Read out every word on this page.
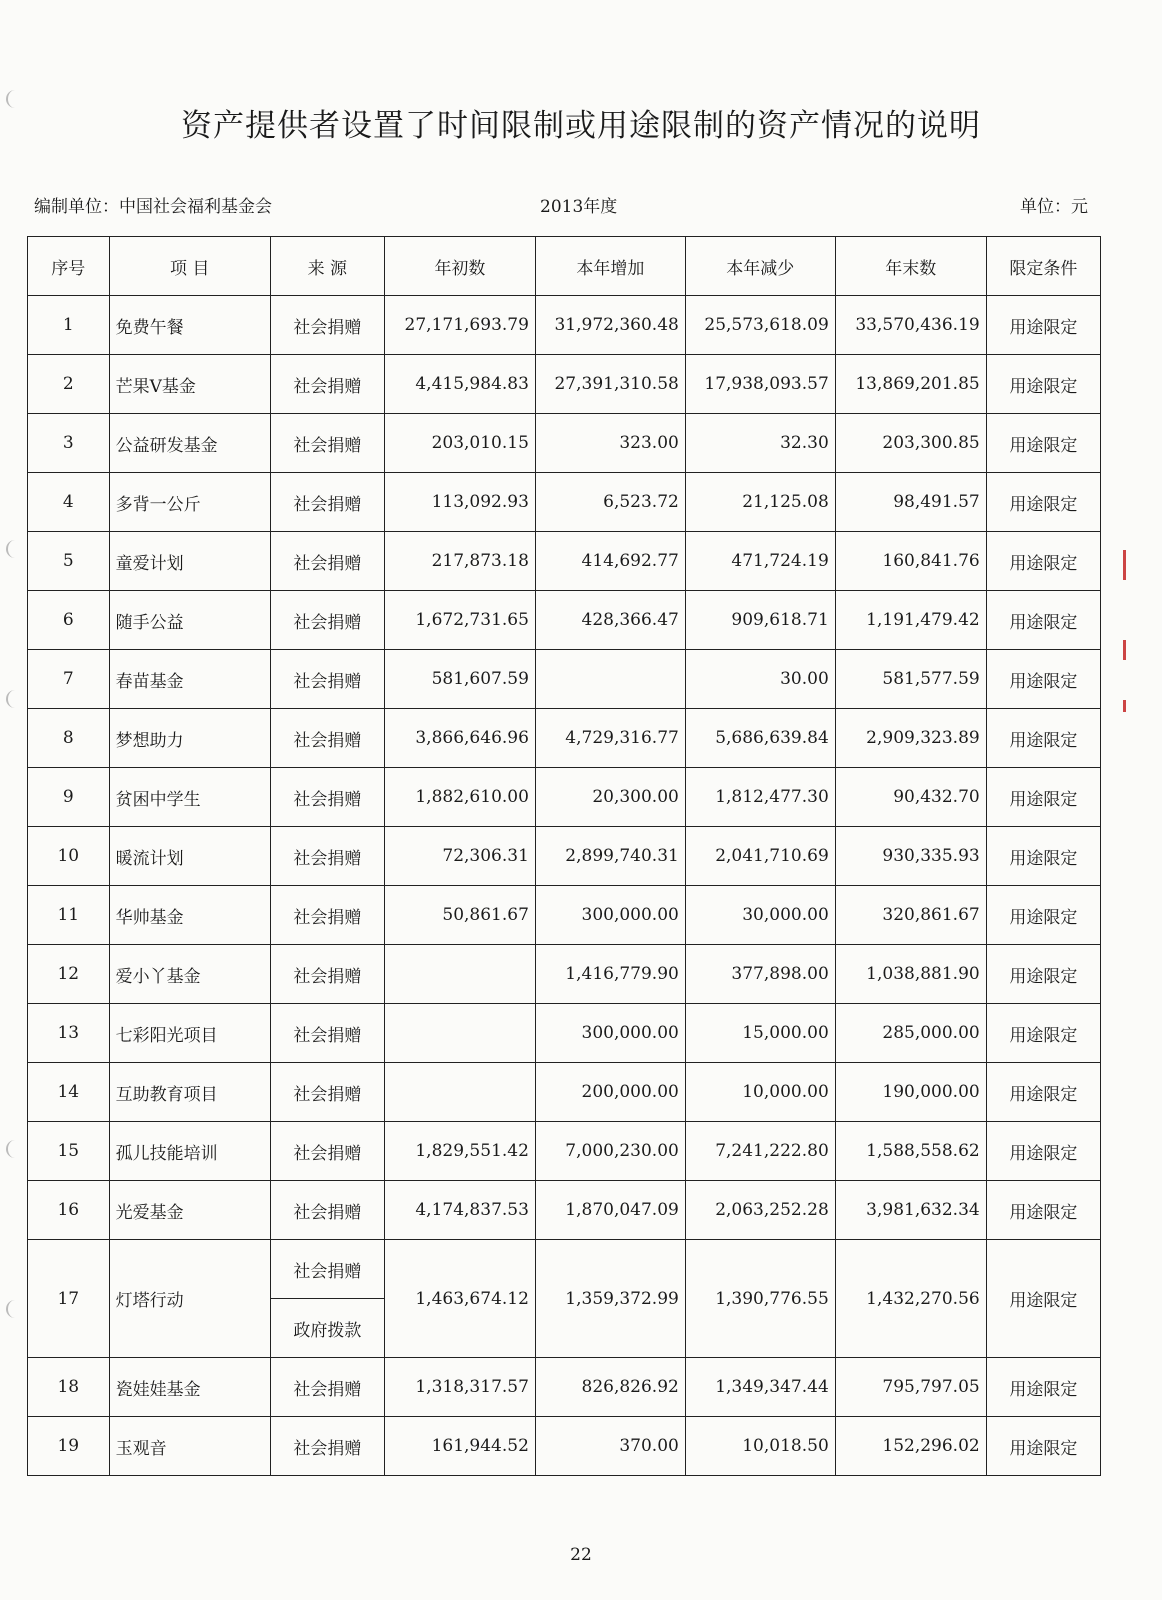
资产提供者设置了时间限制或用途限制的资产情况的说明
编制单位：中国社会福利基金会	2013年度	单位：元
序号	项 目	来 源	年初数	本年增加	本年减少	年末数	限定条件
1	免费午餐	社会捐赠	27,171,693.79	31,972,360.48	25,573,618.09	33,570,436.19	用途限定
2	芒果V基金	社会捐赠	4,415,984.83	27,391,310.58	17,938,093.57	13,869,201.85	用途限定
3	公益研发基金	社会捐赠	203,010.15	323.00	32.30	203,300.85	用途限定
4	多背一公斤	社会捐赠	113,092.93	6,523.72	21,125.08	98,491.57	用途限定
5	童爱计划	社会捐赠	217,873.18	414,692.77	471,724.19	160,841.76	用途限定
6	随手公益	社会捐赠	1,672,731.65	428,366.47	909,618.71	1,191,479.42	用途限定
7	春苗基金	社会捐赠	581,607.59		30.00	581,577.59	用途限定
8	梦想助力	社会捐赠	3,866,646.96	4,729,316.77	5,686,639.84	2,909,323.89	用途限定
9	贫困中学生	社会捐赠	1,882,610.00	20,300.00	1,812,477.30	90,432.70	用途限定
10	暖流计划	社会捐赠	72,306.31	2,899,740.31	2,041,710.69	930,335.93	用途限定
11	华帅基金	社会捐赠	50,861.67	300,000.00	30,000.00	320,861.67	用途限定
12	爱小丫基金	社会捐赠		1,416,779.90	377,898.00	1,038,881.90	用途限定
13	七彩阳光项目	社会捐赠		300,000.00	15,000.00	285,000.00	用途限定
14	互助教育项目	社会捐赠		200,000.00	10,000.00	190,000.00	用途限定
15	孤儿技能培训	社会捐赠	1,829,551.42	7,000,230.00	7,241,222.80	1,588,558.62	用途限定
16	光爱基金	社会捐赠	4,174,837.53	1,870,047.09	2,063,252.28	3,981,632.34	用途限定
17	灯塔行动	社会捐赠	1,463,674.12	1,359,372.99	1,390,776.55	1,432,270.56	用途限定
		政府拨款					
18	瓷娃娃基金	社会捐赠	1,318,317.57	826,826.92	1,349,347.44	795,797.05	用途限定
19	玉观音	社会捐赠	161,944.52	370.00	10,018.50	152,296.02	用途限定
22
